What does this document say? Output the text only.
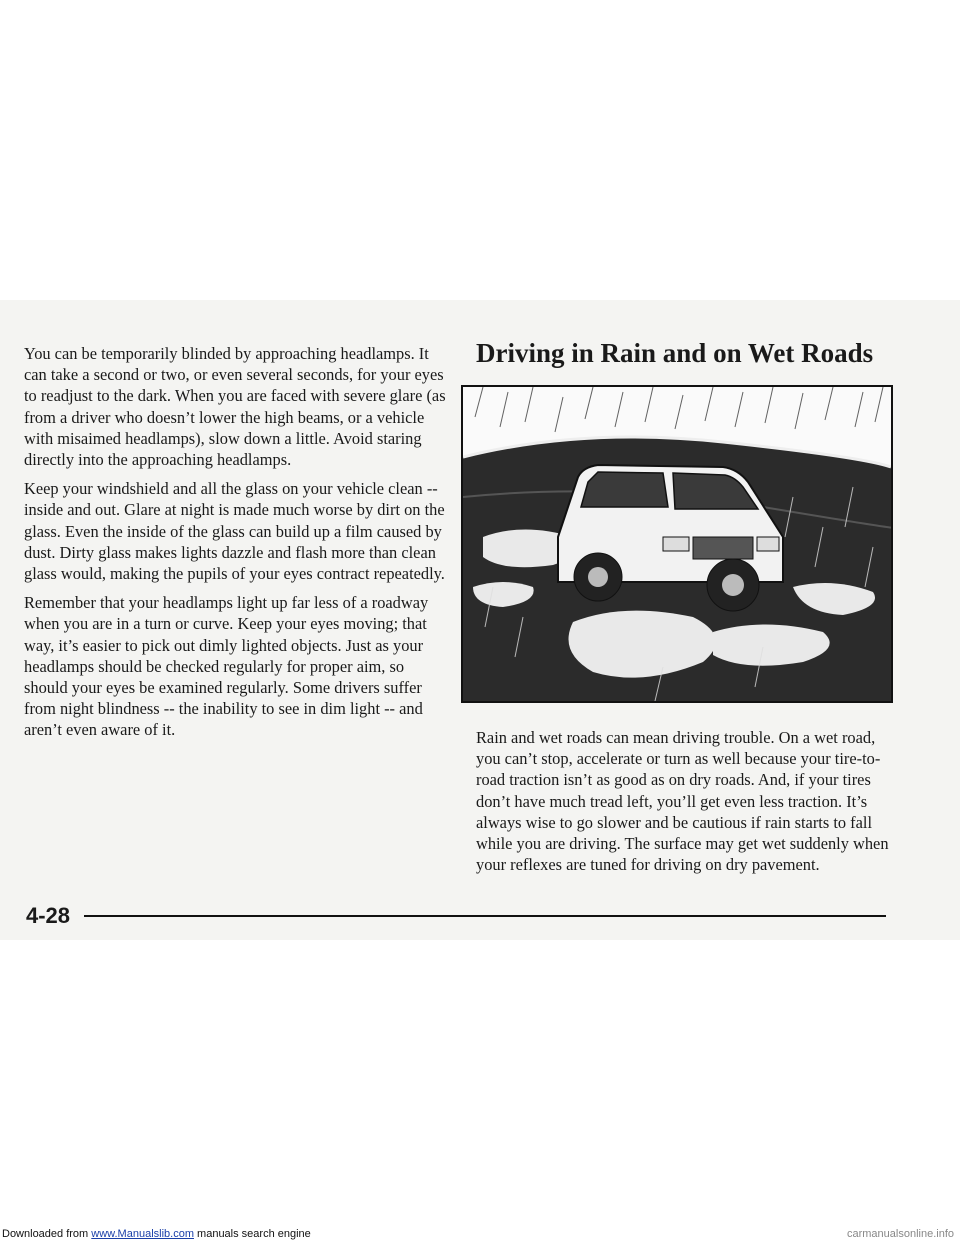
You can be temporarily blinded by approaching headlamps. It can take a second or two, or even several seconds, for your eyes to readjust to the dark. When you are faced with severe glare (as from a driver who doesn’t lower the high beams, or a vehicle with misaimed headlamps), slow down a little. Avoid staring directly into the approaching headlamps.

Keep your windshield and all the glass on your vehicle clean -- inside and out. Glare at night is made much worse by dirt on the glass. Even the inside of the glass can build up a film caused by dust. Dirty glass makes lights dazzle and flash more than clean glass would, making the pupils of your eyes contract repeatedly.

Remember that your headlamps light up far less of a roadway when you are in a turn or curve. Keep your eyes moving; that way, it’s easier to pick out dimly lighted objects. Just as your headlamps should be checked regularly for proper aim, so should your eyes be examined regularly. Some drivers suffer from night blindness -- the inability to see in dim light -- and aren’t even aware of it.

Driving in Rain and on Wet Roads

Rain and wet roads can mean driving trouble. On a wet road, you can’t stop, accelerate or turn as well because your tire-to-road traction isn’t as good as on dry roads. And, if your tires don’t have much tread left, you’ll get even less traction. It’s always wise to go slower and be cautious if rain starts to fall while you are driving. The surface may get wet suddenly when your reflexes are tuned for driving on dry pavement.

4-28
Downloaded from www.Manualslib.com manuals search engine	carmanualsonline.info
